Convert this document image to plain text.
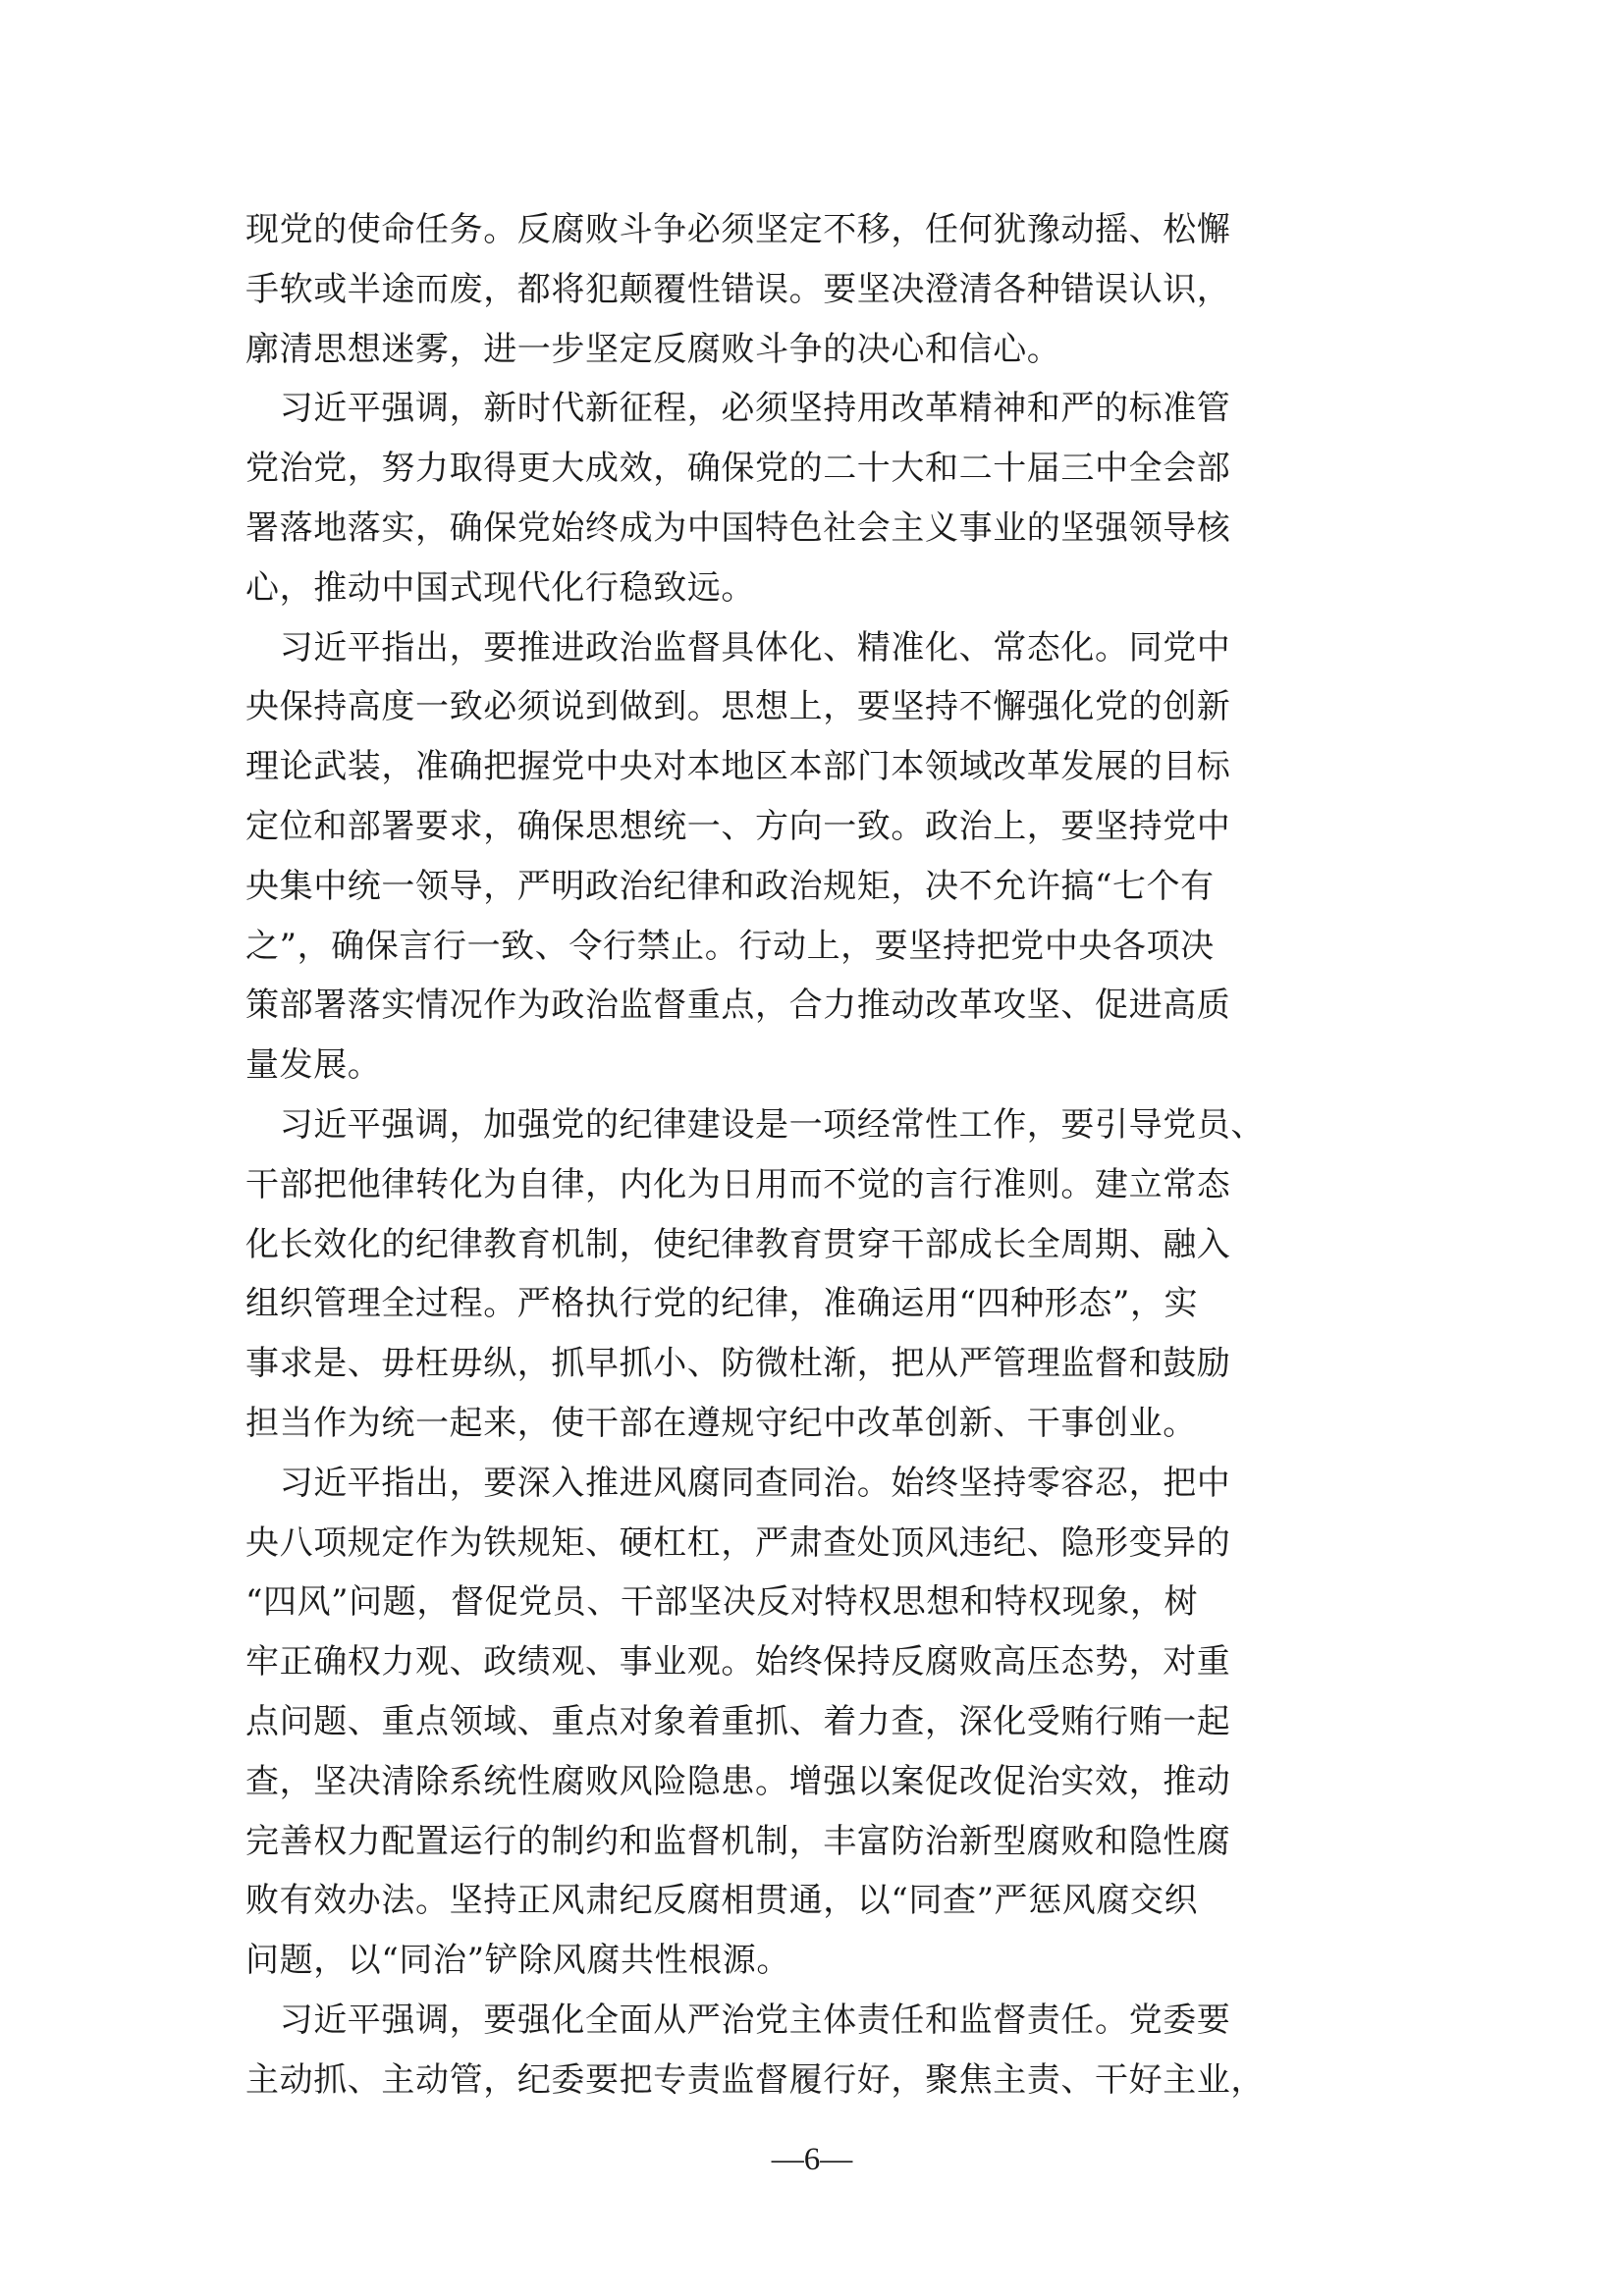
现党的使命任务。反腐败斗争必须坚定不移，任何犹豫动摇、松懈
手软或半途而废，都将犯颠覆性错误。要坚决澄清各种错误认识，
廓清思想迷雾，进一步坚定反腐败斗争的决心和信心。
　习近平强调，新时代新征程，必须坚持用改革精神和严的标准管
党治党，努力取得更大成效，确保党的二十大和二十届三中全会部
署落地落实，确保党始终成为中国特色社会主义事业的坚强领导核
心，推动中国式现代化行稳致远。
　习近平指出，要推进政治监督具体化、精准化、常态化。同党中
央保持高度一致必须说到做到。思想上，要坚持不懈强化党的创新
理论武装，准确把握党中央对本地区本部门本领域改革发展的目标
定位和部署要求，确保思想统一、方向一致。政治上，要坚持党中
央集中统一领导，严明政治纪律和政治规矩，决不允许搞“七个有
之”，确保言行一致、令行禁止。行动上，要坚持把党中央各项决
策部署落实情况作为政治监督重点，合力推动改革攻坚、促进高质
量发展。
　习近平强调，加强党的纪律建设是一项经常性工作，要引导党员、
干部把他律转化为自律，内化为日用而不觉的言行准则。建立常态
化长效化的纪律教育机制，使纪律教育贯穿干部成长全周期、融入
组织管理全过程。严格执行党的纪律，准确运用“四种形态”，实
事求是、毋枉毋纵，抓早抓小、防微杜渐，把从严管理监督和鼓励
担当作为统一起来，使干部在遵规守纪中改革创新、干事创业。
　习近平指出，要深入推进风腐同查同治。始终坚持零容忍，把中
央八项规定作为铁规矩、硬杠杠，严肃查处顶风违纪、隐形变异的
“四风”问题，督促党员、干部坚决反对特权思想和特权现象，树
牢正确权力观、政绩观、事业观。始终保持反腐败高压态势，对重
点问题、重点领域、重点对象着重抓、着力查，深化受贿行贿一起
查，坚决清除系统性腐败风险隐患。增强以案促改促治实效，推动
完善权力配置运行的制约和监督机制，丰富防治新型腐败和隐性腐
败有效办法。坚持正风肃纪反腐相贯通，以“同查”严惩风腐交织
问题，以“同治”铲除风腐共性根源。
　习近平强调，要强化全面从严治党主体责任和监督责任。党委要
主动抓、主动管，纪委要把专责监督履行好，聚焦主责、干好主业，
—6—
